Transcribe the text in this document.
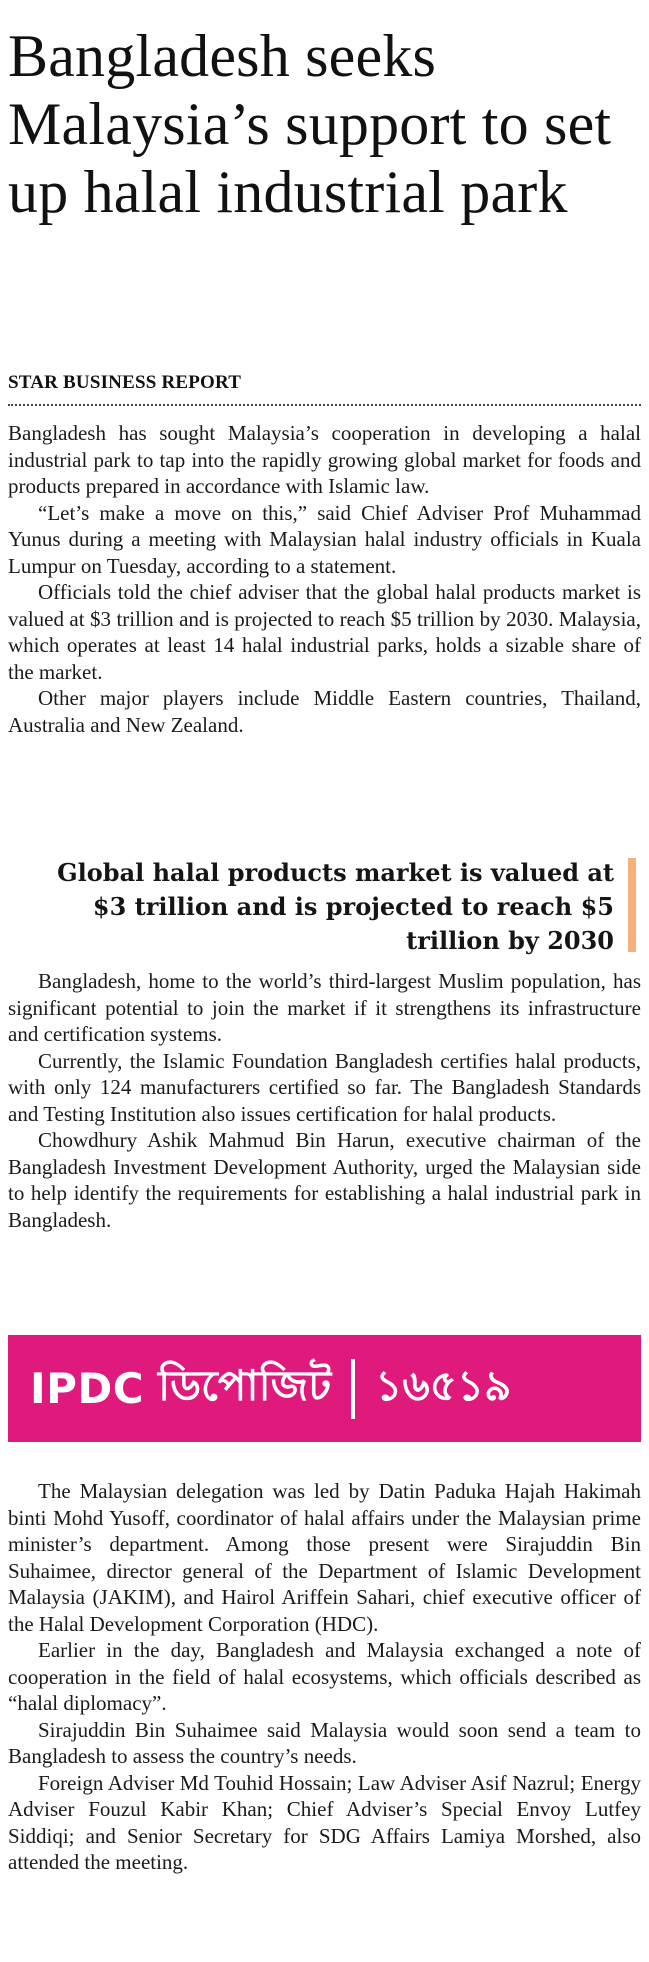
Bangladesh seeks Malaysia’s support to set up halal industrial park
STAR BUSINESS REPORT

Bangladesh has sought Malaysia’s cooperation in developing a halal industrial park to tap into the rapidly growing global market for foods and products prepared in accordance with Islamic law.

“Let’s make a move on this,” said Chief Adviser Prof Muhammad Yunus during a meeting with Malaysian halal industry officials in Kuala Lumpur on Tuesday, according to a statement.

Officials told the chief adviser that the global halal products market is valued at $3 trillion and is projected to reach $5 trillion by 2030. Malaysia, which operates at least 14 halal industrial parks, holds a sizable share of the market.

Other major players include Middle Eastern countries, Thailand, Australia and New Zealand.

Global halal products market is valued at $3 trillion and is projected to reach $5 trillion by 2030

Bangladesh, home to the world’s third-largest Muslim population, has significant potential to join the market if it strengthens its infrastructure and certification systems.

Currently, the Islamic Foundation Bangladesh certifies halal products, with only 124 manufacturers certified so far. The Bangladesh Standards and Testing Institution also issues certification for halal products.

Chowdhury Ashik Mahmud Bin Harun, executive chairman of the Bangladesh Investment Development Authority, urged the Malaysian side to help identify the requirements for establishing a halal industrial park in Bangladesh.

IPDC ডিপোজিট ১৬৫১৯

The Malaysian delegation was led by Datin Paduka Hajah Hakimah binti Mohd Yusoff, coordinator of halal affairs under the Malaysian prime minister’s department. Among those present were Sirajuddin Bin Suhaimee, director general of the Department of Islamic Development Malaysia (JAKIM), and Hairol Ariffein Sahari, chief executive officer of the Halal Development Corporation (HDC).

Earlier in the day, Bangladesh and Malaysia exchanged a note of cooperation in the field of halal ecosystems, which officials described as “halal diplomacy”.

Sirajuddin Bin Suhaimee said Malaysia would soon send a team to Bangladesh to assess the country’s needs.

Foreign Adviser Md Touhid Hossain; Law Adviser Asif Nazrul; Energy Adviser Fouzul Kabir Khan; Chief Adviser’s Special Envoy Lutfey Siddiqi; and Senior Secretary for SDG Affairs Lamiya Morshed, also attended the meeting.
